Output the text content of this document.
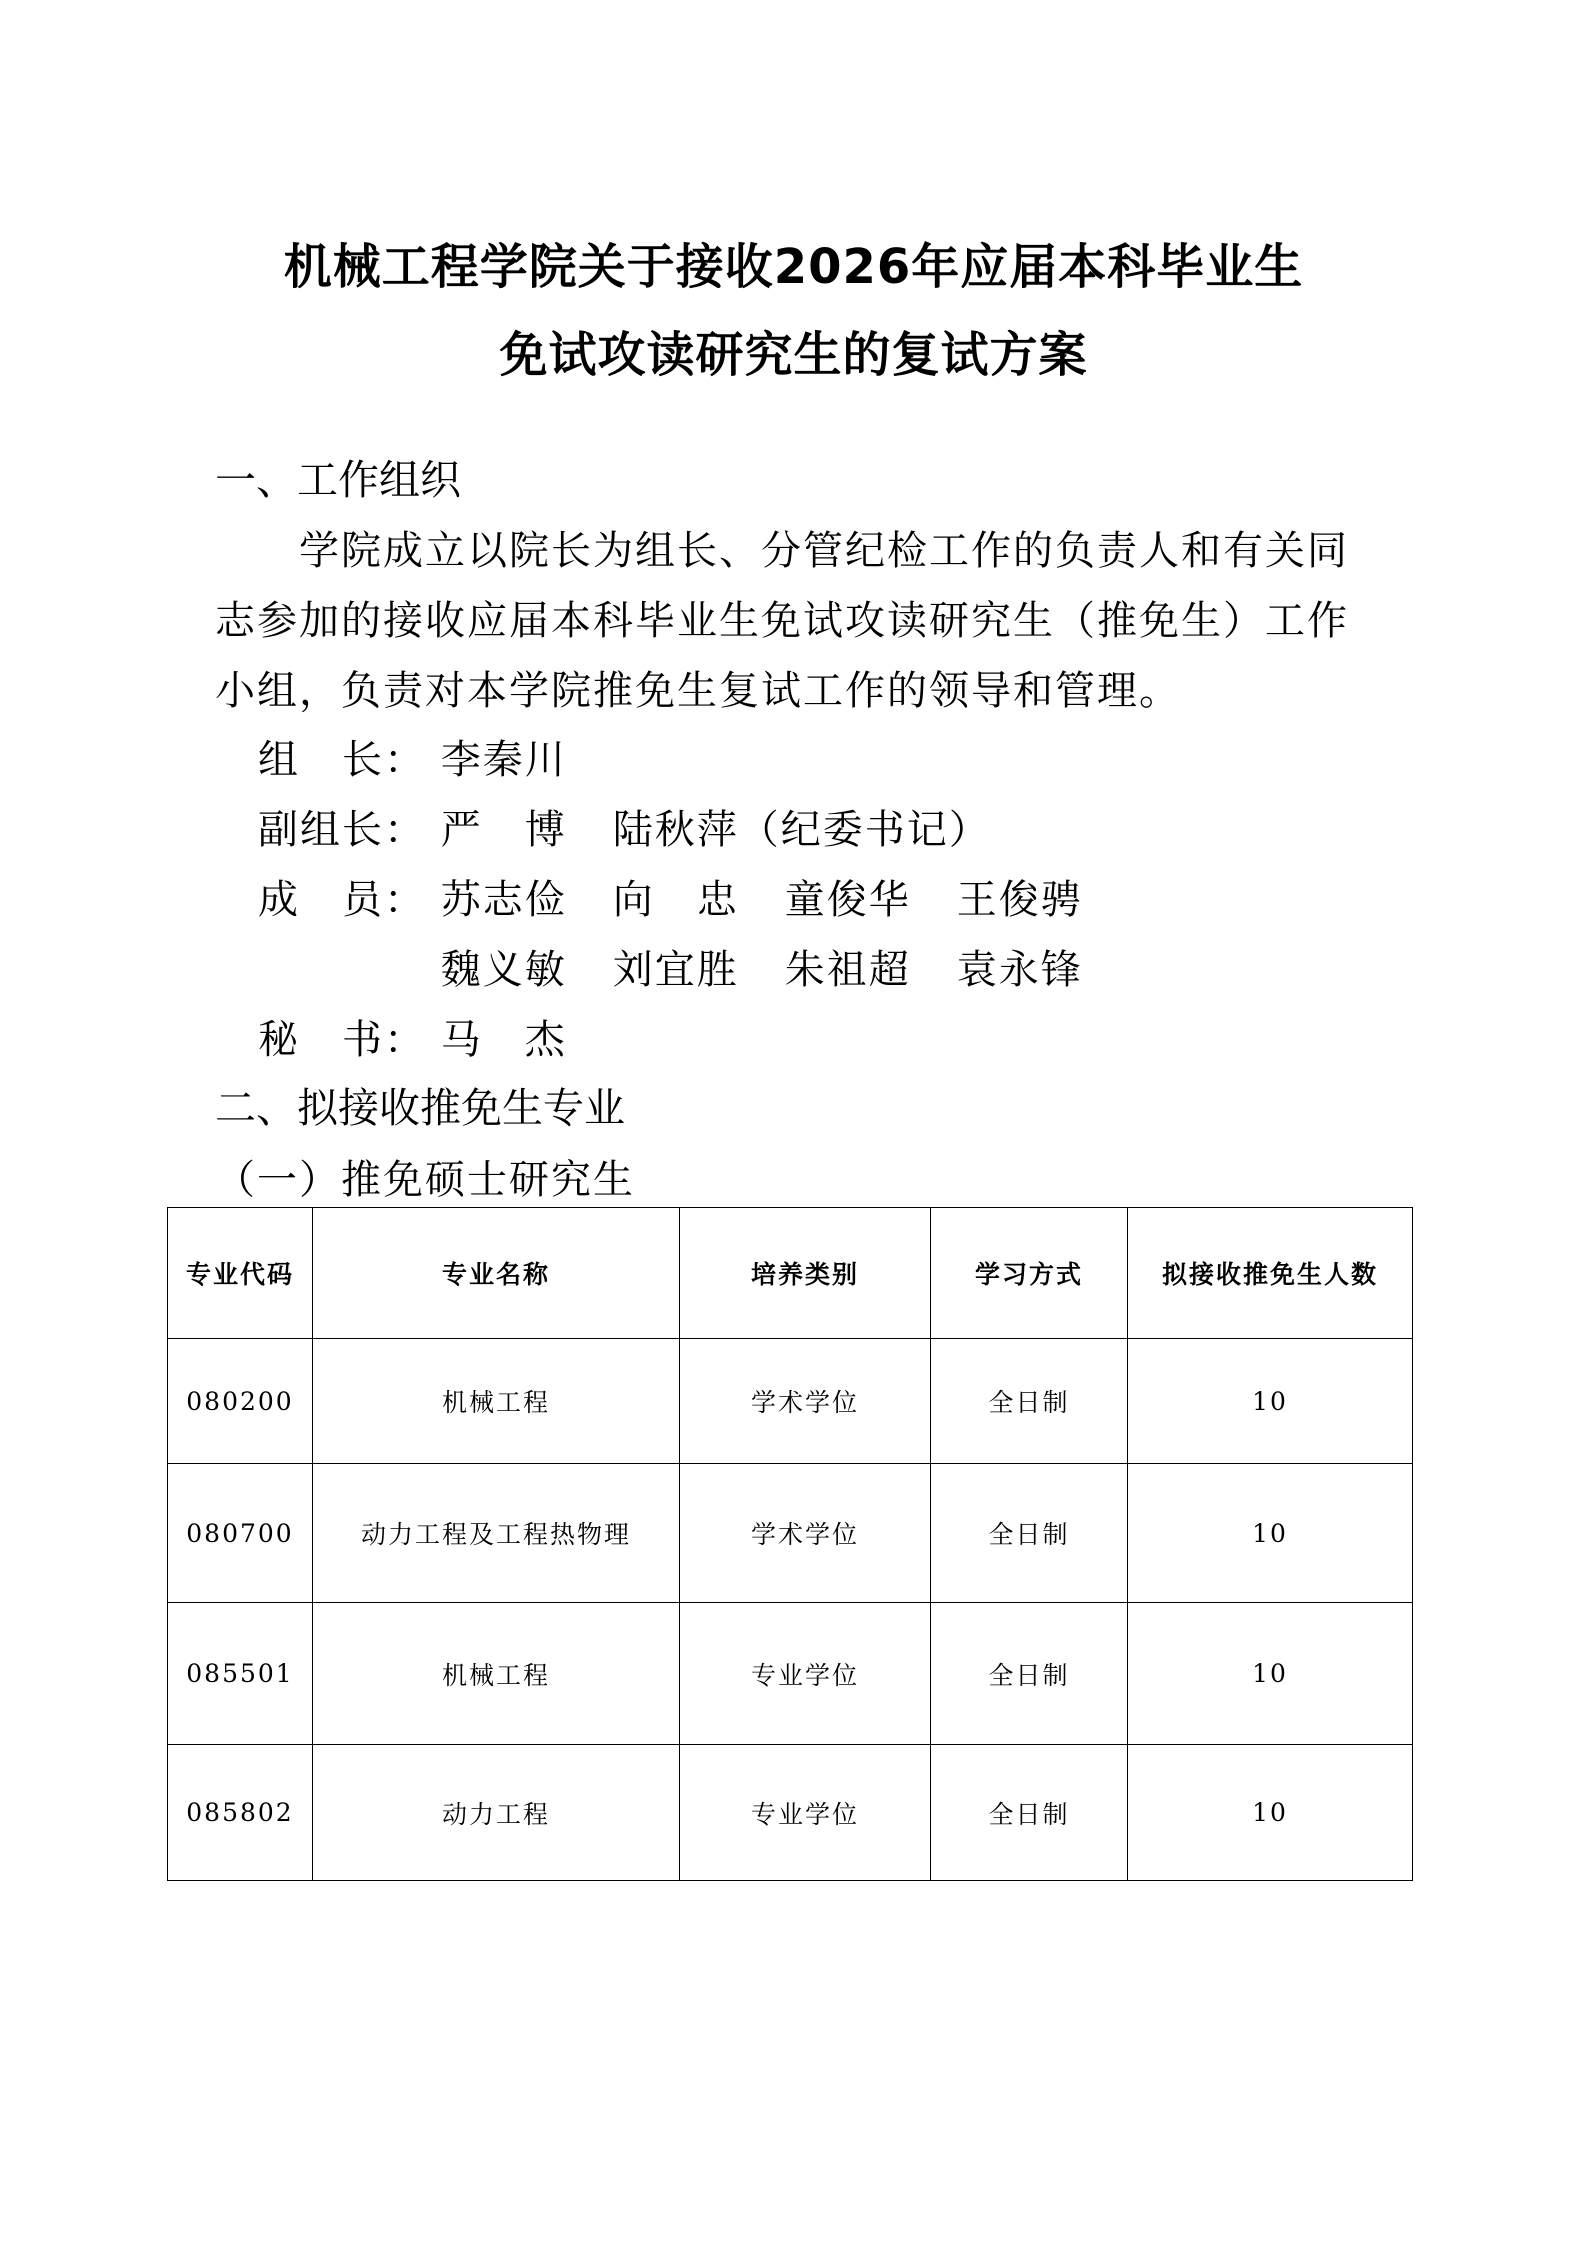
机械工程学院关于接收2026年应届本科毕业生
免试攻读研究生的复试方案
一、工作组织
学院成立以院长为组长、分管纪检工作的负责人和有关同
志参加的接收应届本科毕业生免试攻读研究生（推免生）工作
小组，负责对本学院推免生复试工作的领导和管理。
组　长： 李秦川
副组长： 严　博 陆秋萍（纪委书记）
成　员： 苏志俭 向　忠 童俊华 王俊骋
魏义敏 刘宜胜 朱祖超 袁永锋
秘　书： 马　杰
二、拟接收推免生专业
（一）推免硕士研究生
专业代码	专业名称	培养类别	学习方式	拟接收推免生人数
080200	机械工程	学术学位	全日制	10
080700	动力工程及工程热物理	学术学位	全日制	10
085501	机械工程	专业学位	全日制	10
085802	动力工程	专业学位	全日制	10
